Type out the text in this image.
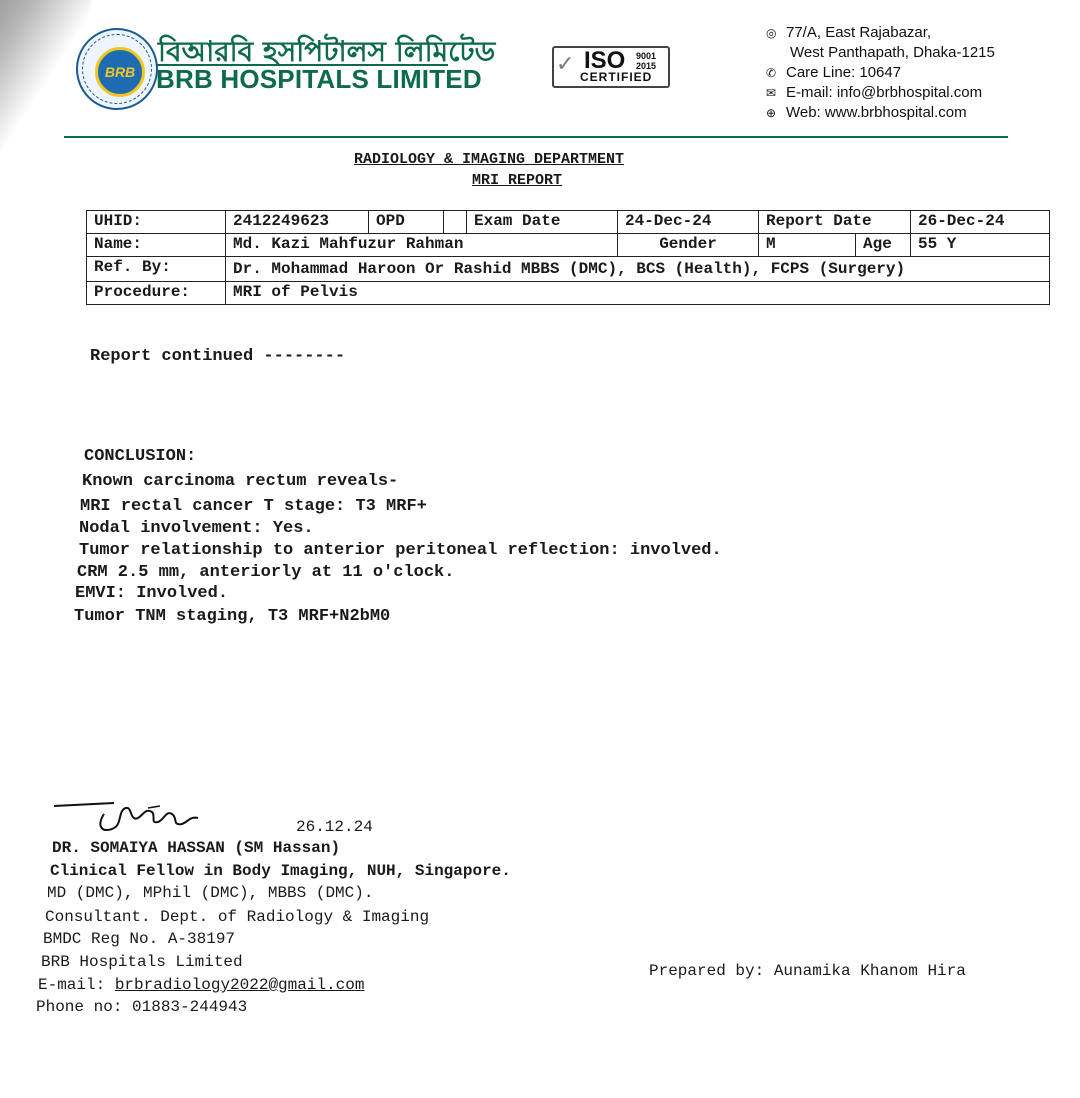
BRB
বিআরবি হসপিটালস লিমিটেড
BRB HOSPITALS LIMITED	✓ ISO 9001
2015
CERTIFIED
◎ 77/A, East Rajabazar,
West Panthapath, Dhaka-1215
✆ Care Line: 10647
✉ E-mail: info@brbhospital.com
⊕ Web: www.brbhospital.com
RADIOLOGY & IMAGING DEPARTMENT
MRI REPORT
UHID:	2412249623	OPD		Exam Date	24-Dec-24	Report Date		26-Dec-24
Name:	Md. Kazi Mahfuzur Rahman				Gender	M	Age	55 Y
Ref. By:	Dr. Mohammad Haroon Or Rashid MBBS (DMC), BCS (Health), FCPS (Surgery)							
Procedure:	MRI of Pelvis							
Report continued --------
CONCLUSION:
Known carcinoma rectum reveals-
MRI rectal cancer T stage: T3 MRF+
Nodal involvement: Yes.
Tumor relationship to anterior peritoneal reflection: involved.
CRM 2.5 mm, anteriorly at 11 o'clock.
EMVI: Involved.
Tumor TNM staging, T3 MRF+N2bM0
26.12.24
DR. SOMAIYA HASSAN (SM Hassan)
Clinical Fellow in Body Imaging, NUH, Singapore.
MD (DMC), MPhil (DMC), MBBS (DMC).
Consultant. Dept. of Radiology & Imaging
BMDC Reg No. A-38197
BRB Hospitals Limited
E-mail: brbradiology2022@gmail.com
Phone no: 01883-244943
Prepared by: Aunamika Khanom Hira
